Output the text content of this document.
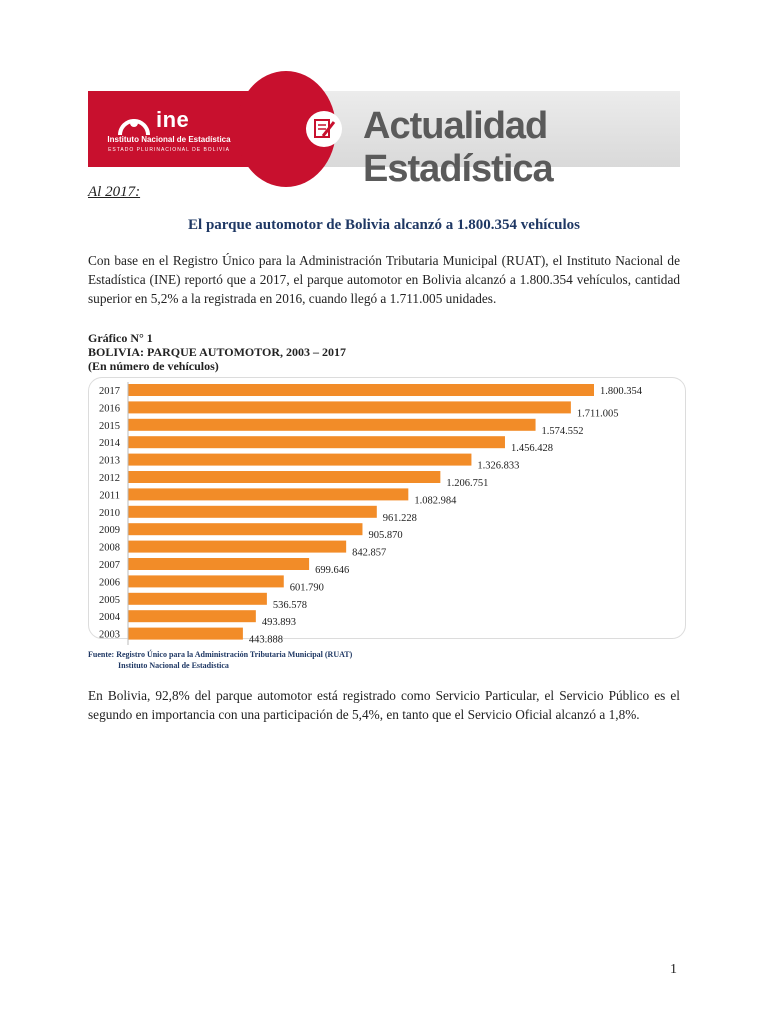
ine
Instituto Nacional de Estadística
ESTADO PLURINACIONAL DE BOLIVIA
Actualidad Estadística
Al 2017:
El parque automotor de Bolivia alcanzó a 1.800.354 vehículos

Con base en el Registro Único para la Administración Tributaria Municipal (RUAT), el Instituto Nacional de Estadística (INE) reportó que a 2017, el parque automotor en Bolivia alcanzó a 1.800.354 vehículos, cantidad superior en 5,2% a la registrada en 2016, cuando llegó a 1.711.005 unidades.

Gráfico N° 1
BOLIVIA: PARQUE AUTOMOTOR, 2003 – 2017
(En número de vehículos)
2017	1.800.354
2016	1.711.005
2015	1.574.552
2014	1.456.428
2013	1.326.833
2012	1.206.751
2011	1.082.984
2010	961.228
2009	905.870
2008	842.857
2007	699.646
2006	601.790
2005	536.578
2004	493.893
2003	443.888
Fuente: Registro Único para la Administración Tributaria Municipal (RUAT)
Instituto Nacional de Estadística

En Bolivia, 92,8% del parque automotor está registrado como Servicio Particular, el Servicio Público es el segundo en importancia con una participación de 5,4%, en tanto que el Servicio Oficial alcanzó a 1,8%.

1
